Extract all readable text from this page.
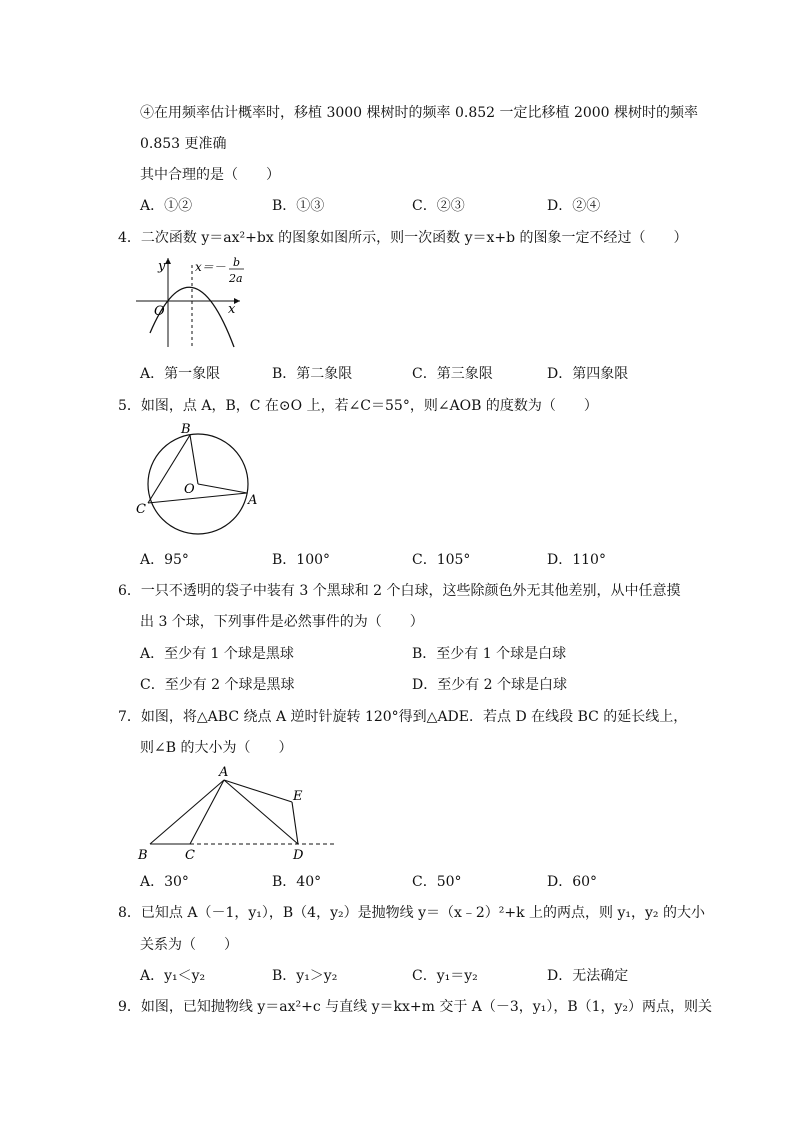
④在用频率估计概率时，移植 3000 棵树时的频率 0.852 一定比移植 2000 棵树时的频率
0.853 更准确
其中合理的是（　　）
A．①②	B．①③	C．②③	D．②④
4．二次函数 y＝ax²+bx 的图象如图所示，则一次函数 y＝x+b 的图象一定不经过（　　）
y
x
O
x＝－ b
2a
A．第一象限	B．第二象限	C．第三象限	D．第四象限
5．如图，点 A，B，C 在⊙O 上，若∠C＝55°，则∠AOB 的度数为（　　）
B
C
A
O
A．95°	B．100°	C．105°	D．110°
6．一只不透明的袋子中装有 3 个黑球和 2 个白球，这些除颜色外无其他差别，从中任意摸
出 3 个球，下列事件是必然事件的为（　　）
A．至少有 1 个球是黑球	B．至少有 1 个球是白球
C．至少有 2 个球是黑球	D．至少有 2 个球是白球
7．如图，将△ABC 绕点 A 逆时针旋转 120°得到△ADE．若点 D 在线段 BC 的延长线上，
则∠B 的大小为（　　）
A
B	C	D
E
A．30°	B．40°	C．50°	D．60°
8．已知点 A（－1，y₁），B（4，y₂）是抛物线 y＝（x﹣2）²+k 上的两点，则 y₁，y₂ 的大小
关系为（　　）
A．y₁＜y₂	B．y₁＞y₂	C．y₁＝y₂	D．无法确定
9．如图，已知抛物线 y＝ax²+c 与直线 y＝kx+m 交于 A（－3，y₁），B（1，y₂）两点，则关
